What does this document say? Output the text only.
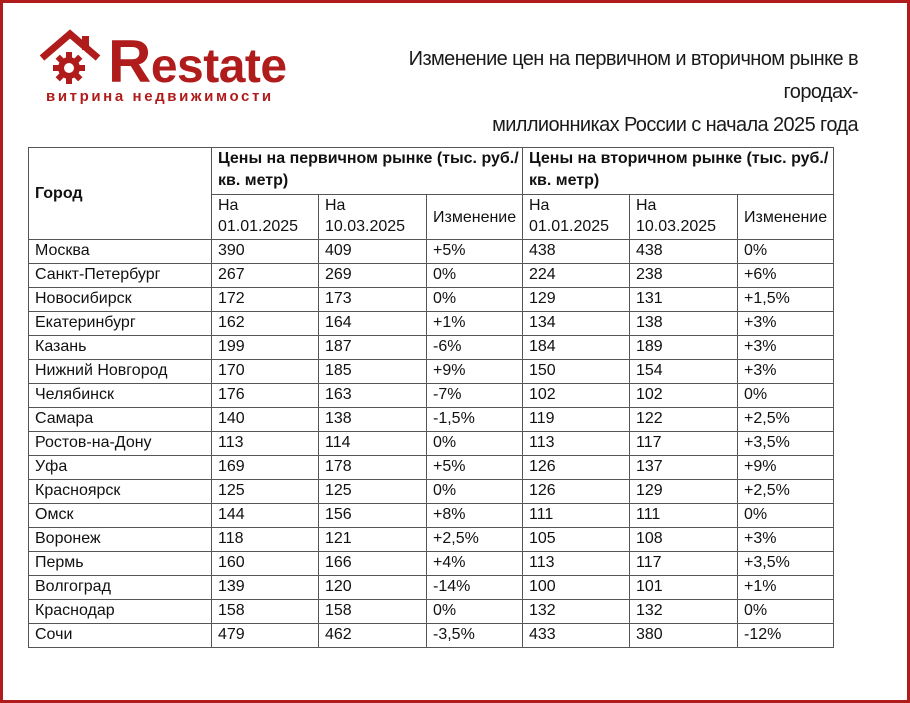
Restate
витрина недвижимости
Изменение цен на первичном и вторичном рынке в городах-
миллионниках России с начала 2025 года
Город	Цены на первичном рынке (тыс. руб./кв. метр)			Цены на вторичном рынке (тыс. руб./кв. метр)		
	На 01.01.2025	На 10.03.2025	Изменение	На 01.01.2025	На 10.03.2025	Изменение
Москва	390	409	+5%	438	438	0%
Санкт-Петербург	267	269	0%	224	238	+6%
Новосибирск	172	173	0%	129	131	+1,5%
Екатеринбург	162	164	+1%	134	138	+3%
Казань	199	187	-6%	184	189	+3%
Нижний Новгород	170	185	+9%	150	154	+3%
Челябинск	176	163	-7%	102	102	0%
Самара	140	138	-1,5%	119	122	+2,5%
Ростов-на-Дону	113	114	0%	113	117	+3,5%
Уфа	169	178	+5%	126	137	+9%
Красноярск	125	125	0%	126	129	+2,5%
Омск	144	156	+8%	111	111	0%
Воронеж	118	121	+2,5%	105	108	+3%
Пермь	160	166	+4%	113	117	+3,5%
Волгоград	139	120	-14%	100	101	+1%
Краснодар	158	158	0%	132	132	0%
Сочи	479	462	-3,5%	433	380	-12%
